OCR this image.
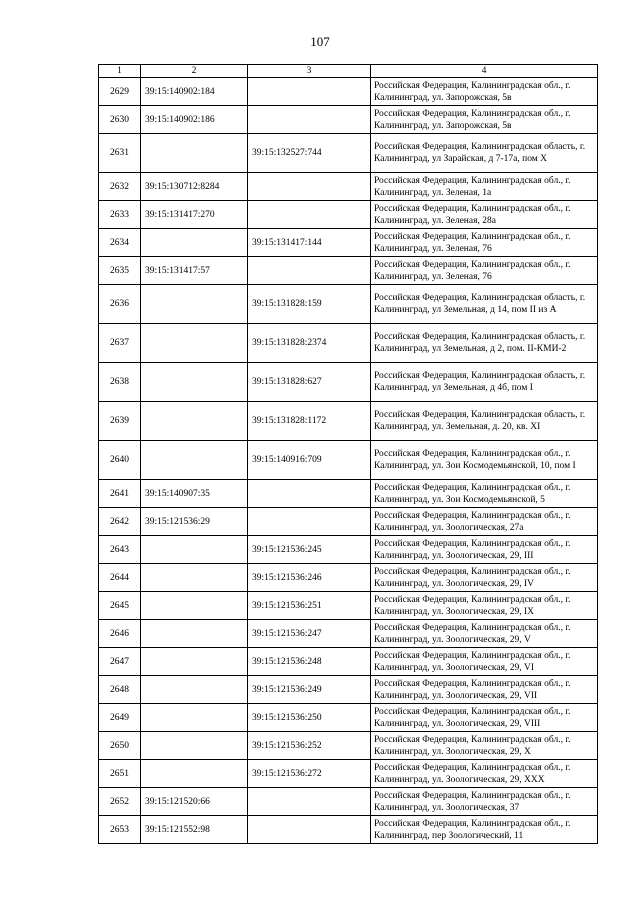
107
1	2	3	4
2629	39:15:140902:184		Российская Федерация, Калининградская обл., г. Калининград, ул. Запорожская, 5в
2630	39:15:140902:186		Российская Федерация, Калининградская обл., г. Калининград, ул. Запорожская, 5в
2631		39:15:132527:744	Российская Федерация, Калининградская область, г. Калининград, ул Зарайская, д 7-17а, пом X
2632	39:15:130712:8284		Российская Федерация, Калининградская обл., г. Калининград, ул. Зеленая, 1а
2633	39:15:131417:270		Российская Федерация, Калининградская обл., г. Калининград, ул. Зеленая, 28а
2634		39:15:131417:144	Российская Федерация, Калининградская обл., г. Калининград, ул. Зеленая, 76
2635	39:15:131417:57		Российская Федерация, Калининградская обл., г. Калининград, ул. Зеленая, 76
2636		39:15:131828:159	Российская Федерация, Калининградская область, г. Калининград, ул Земельная, д 14, пом II из А
2637		39:15:131828:2374	Российская Федерация, Калининградская область, г. Калининград, ул Земельная, д 2, пом. II-КМИ-2
2638		39:15:131828:627	Российская Федерация, Калининградская область, г. Калининград, ул Земельная, д 4б, пом I
2639		39:15:131828:1172	Российская Федерация, Калининградская область, г. Калининград, ул. Земельная, д. 20, кв. XI
2640		39:15:140916:709	Российская Федерация, Калининградская обл., г. Калининград, ул. Зои Космодемьянской, 10, пом I
2641	39:15:140907:35		Российская Федерация, Калининградская обл., г. Калининград, ул. Зои Космодемьянской, 5
2642	39:15:121536:29		Российская Федерация, Калининградская обл., г. Калининград, ул. Зоологическая, 27а
2643		39:15:121536:245	Российская Федерация, Калининградская обл., г. Калининград, ул. Зоологическая, 29, III
2644		39:15:121536:246	Российская Федерация, Калининградская обл., г. Калининград, ул. Зоологическая, 29, IV
2645		39:15:121536:251	Российская Федерация, Калининградская обл., г. Калининград, ул. Зоологическая, 29, IX
2646		39:15:121536:247	Российская Федерация, Калининградская обл., г. Калининград, ул. Зоологическая, 29, V
2647		39:15:121536:248	Российская Федерация, Калининградская обл., г. Калининград, ул. Зоологическая, 29, VI
2648		39:15:121536:249	Российская Федерация, Калининградская обл., г. Калининград, ул. Зоологическая, 29, VII
2649		39:15:121536:250	Российская Федерация, Калининградская обл., г. Калининград, ул. Зоологическая, 29, VIII
2650		39:15:121536:252	Российская Федерация, Калининградская обл., г. Калининград, ул. Зоологическая, 29, X
2651		39:15:121536:272	Российская Федерация, Калининградская обл., г. Калининград, ул. Зоологическая, 29, XXX
2652	39:15:121520:66		Российская Федерация, Калининградская обл., г. Калининград, ул. Зоологическая, 37
2653	39:15:121552:98		Российская Федерация, Калининградская обл., г. Калининград, пер Зоологический, 11
